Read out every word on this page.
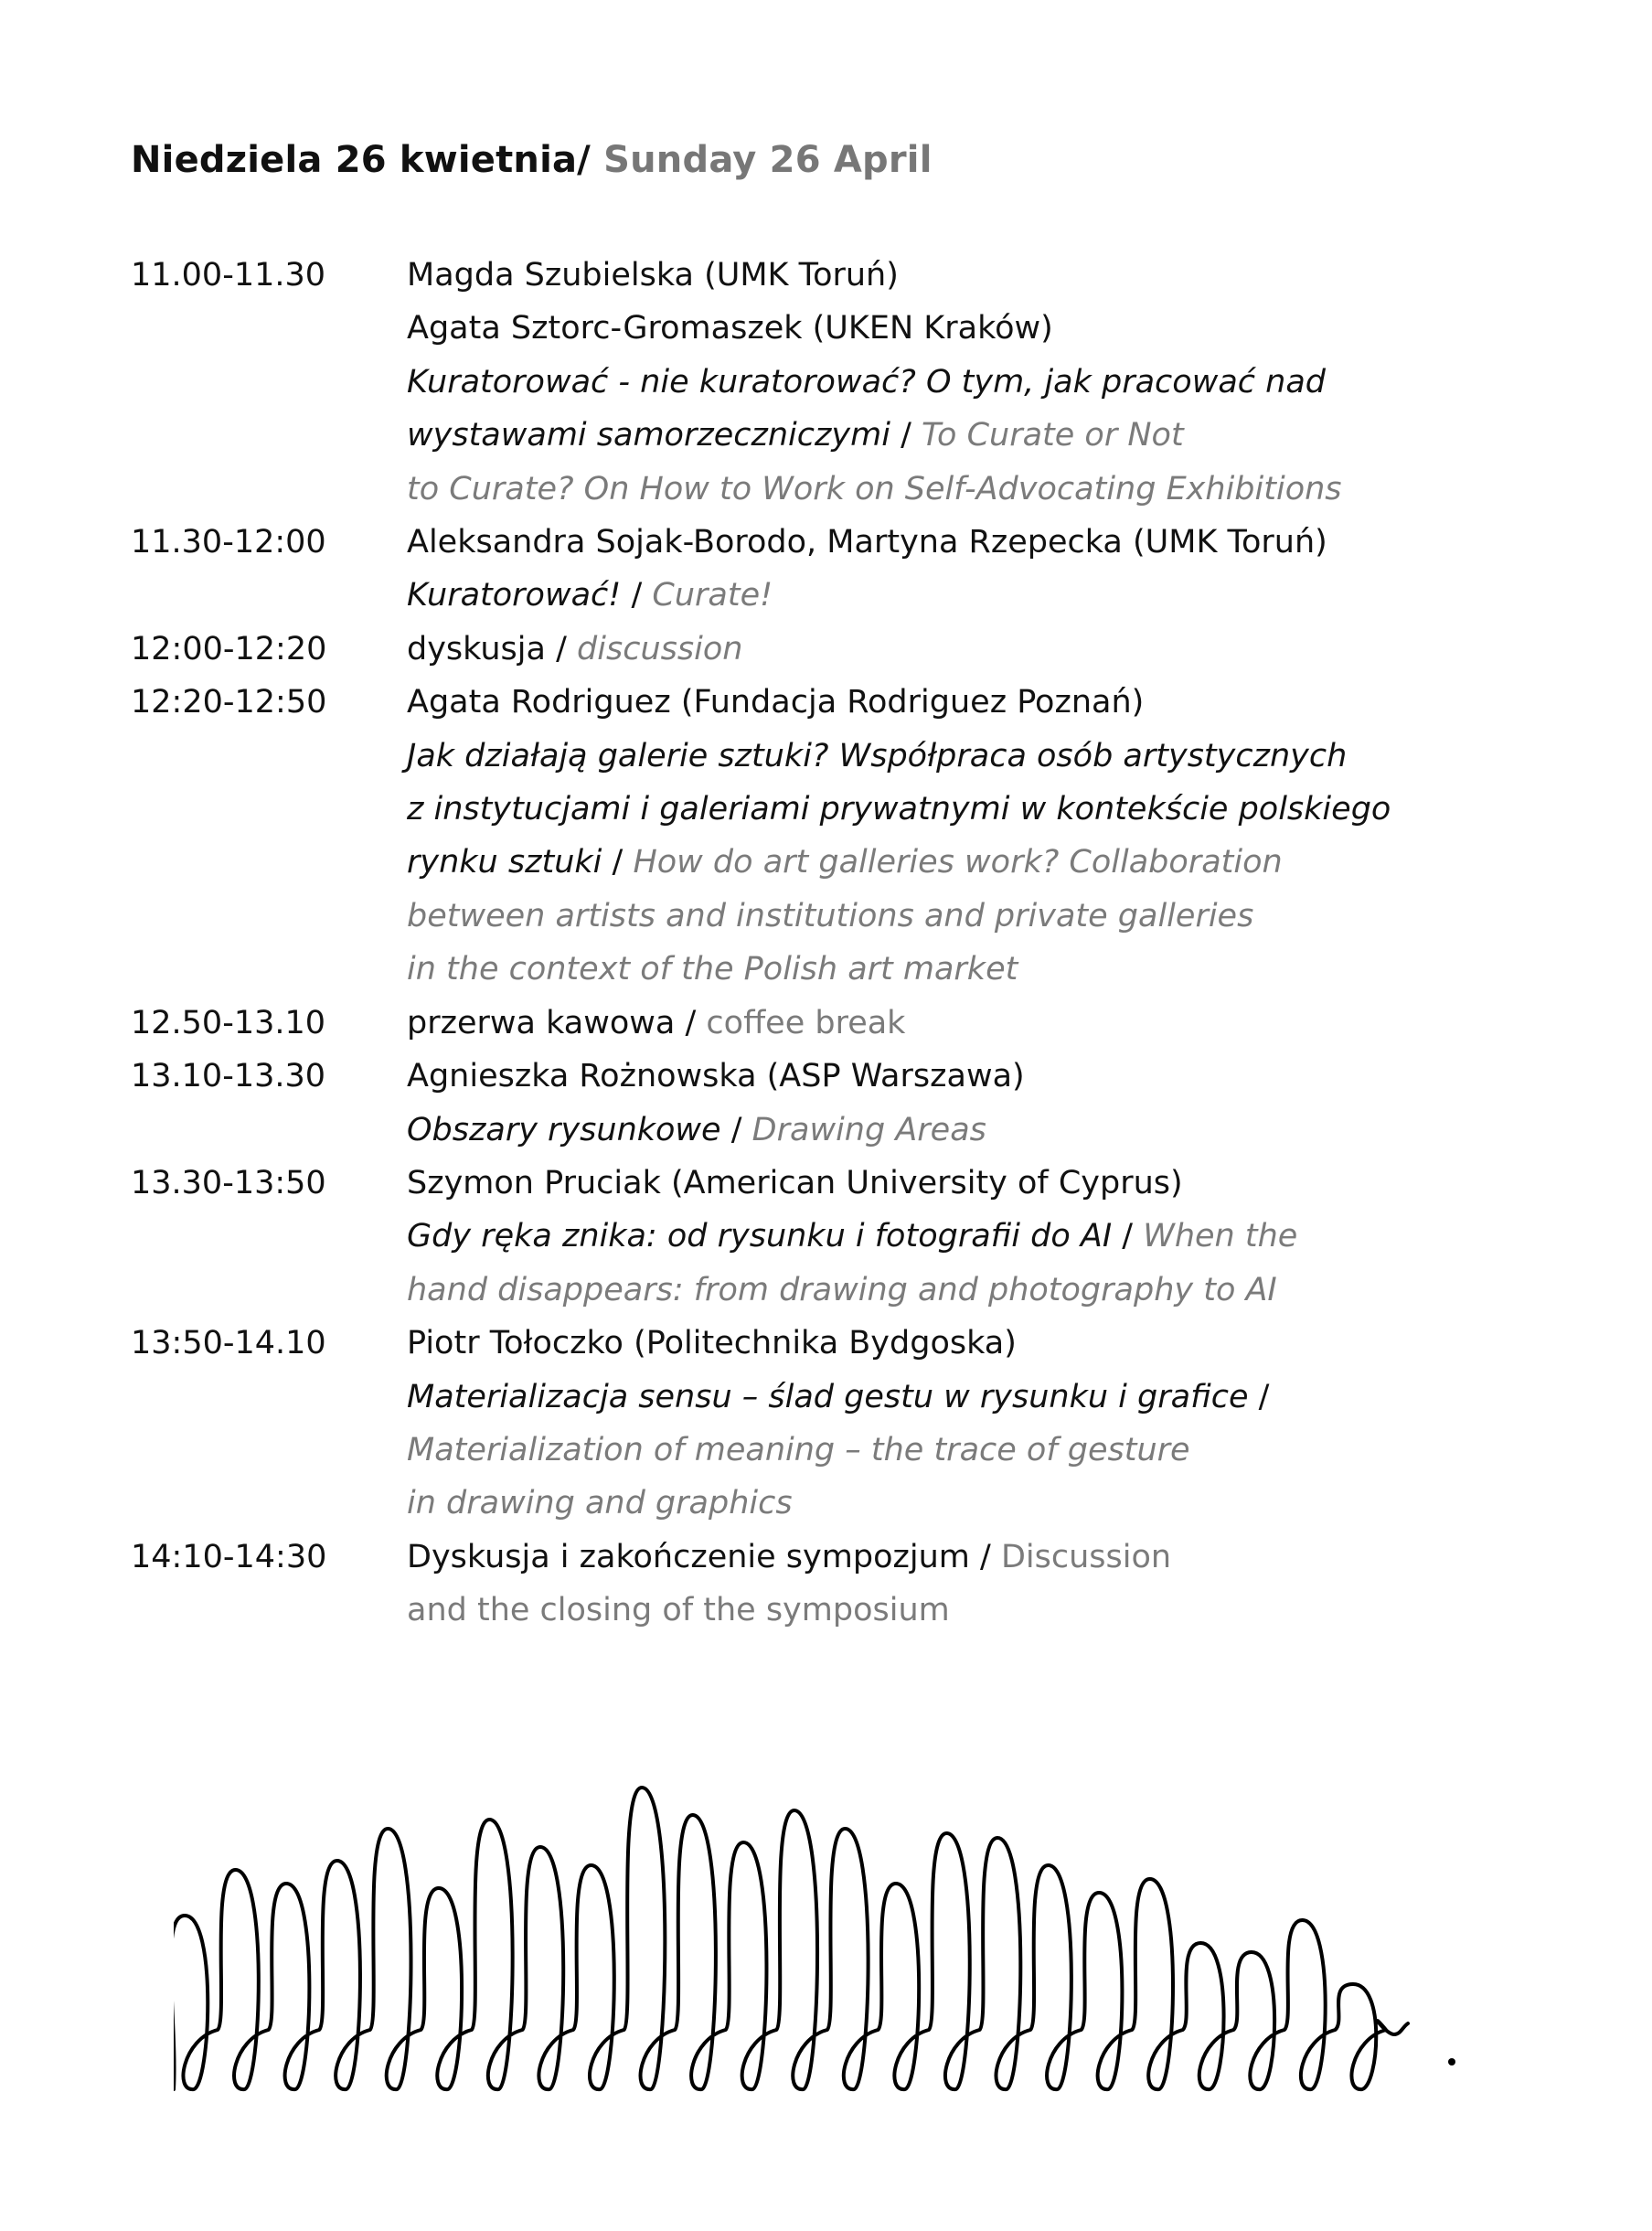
Niedziela 26 kwietnia/ Sunday 26 April
11.00-11.30	Magda Szubielska (UMK Toruń)
Agata Sztorc-Gromaszek (UKEN Kraków)
Kuratorować - nie kuratorować? O tym, jak pracować nad
wystawami samorzeczniczymi / To Curate or Not
to Curate? On How to Work on Self-Advocating Exhibitions
11.30-12:00	Aleksandra Sojak-Borodo, Martyna Rzepecka (UMK Toruń)
Kuratorować! / Curate!
12:00-12:20	dyskusja / discussion
12:20-12:50	Agata Rodriguez (Fundacja Rodriguez Poznań)
Jak działają galerie sztuki? Współpraca osób artystycznych
z instytucjami i galeriami prywatnymi w kontekście polskiego
rynku sztuki / How do art galleries work? Collaboration
between artists and institutions and private galleries
in the context of the Polish art market
12.50-13.10	przerwa kawowa / coffee break
13.10-13.30	Agnieszka Rożnowska (ASP Warszawa)
Obszary rysunkowe / Drawing Areas
13.30-13:50	Szymon Pruciak (American University of Cyprus)
Gdy ręka znika: od rysunku i fotografii do AI / When the
hand disappears: from drawing and photography to AI
13:50-14.10	Piotr Tołoczko (Politechnika Bydgoska)
Materializacja sensu – ślad gestu w rysunku i grafice /
Materialization of meaning – the trace of gesture
in drawing and graphics
14:10-14:30	Dyskusja i zakończenie sympozjum / Discussion
and the closing of the symposium
